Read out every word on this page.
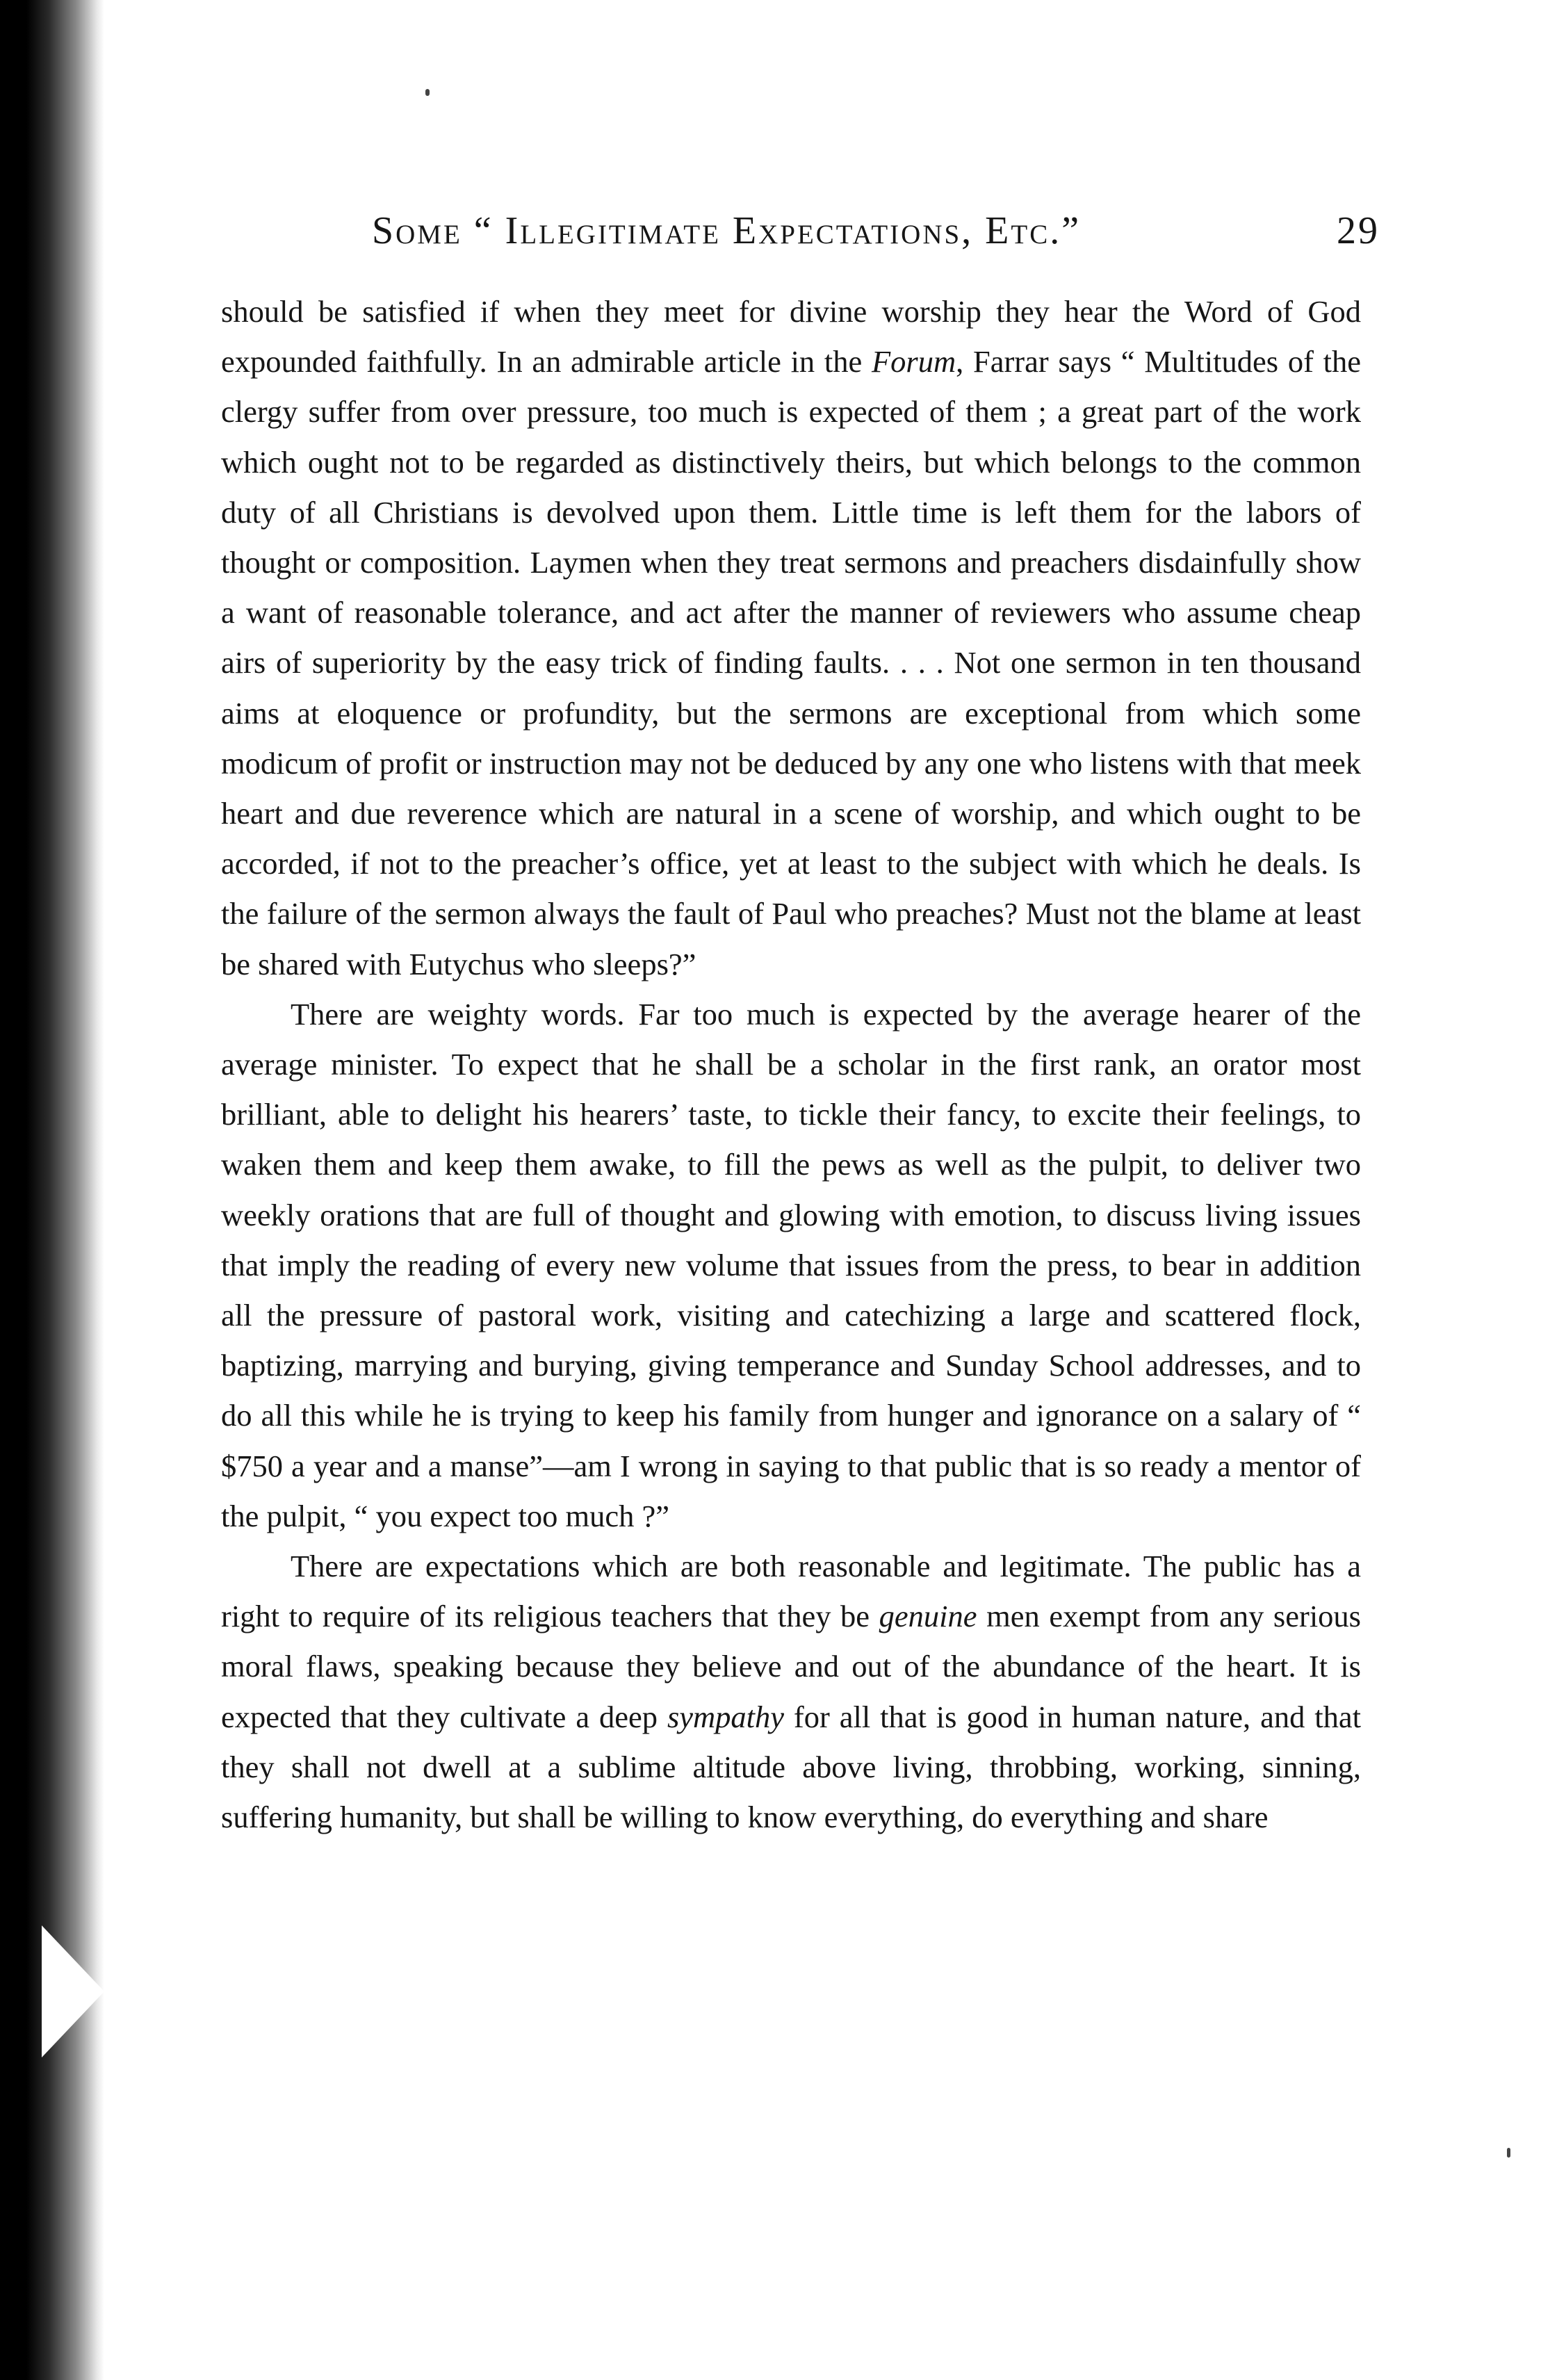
Some “ Illegitimate Expectations, Etc.”	29

should be satisfied if when they meet for divine worship they hear the Word of God expounded faithfully. In an admirable article in the Forum, Farrar says “ Multitudes of the clergy suffer from over pressure, too much is expected of them ; a great part of the work which ought not to be regarded as distinctively theirs, but which belongs to the common duty of all Christians is devolved upon them. Little time is left them for the labors of thought or composition. Laymen when they treat sermons and preachers disdainfully show a want of reasonable tolerance, and act after the manner of reviewers who assume cheap airs of superiority by the easy trick of finding faults. . . . Not one sermon in ten thousand aims at eloquence or profundity, but the sermons are exceptional from which some modicum of profit or instruction may not be deduced by any one who listens with that meek heart and due reverence which are natural in a scene of worship, and which ought to be accorded, if not to the preacher’s office, yet at least to the subject with which he deals. Is the failure of the sermon always the fault of Paul who preaches? Must not the blame at least be shared with Eutychus who sleeps?”

There are weighty words. Far too much is expected by the average hearer of the average minister. To expect that he shall be a scholar in the first rank, an orator most brilliant, able to delight his hearers’ taste, to tickle their fancy, to excite their feelings, to waken them and keep them awake, to fill the pews as well as the pulpit, to deliver two weekly orations that are full of thought and glowing with emotion, to discuss living issues that imply the reading of every new volume that issues from the press, to bear in addition all the pressure of pastoral work, visiting and catechizing a large and scattered flock, baptizing, marrying and burying, giving temperance and Sunday School addresses, and to do all this while he is trying to keep his family from hunger and ignorance on a salary of “ $750 a year and a manse”—am I wrong in saying to that public that is so ready a mentor of the pulpit, “ you expect too much ?”

There are expectations which are both reasonable and legitimate. The public has a right to require of its religious teachers that they be genuine men exempt from any serious moral flaws, speaking because they believe and out of the abundance of the heart. It is expected that they cultivate a deep sympathy for all that is good in human nature, and that they shall not dwell at a sublime altitude above living, throbbing, working, sinning, suffering humanity, but shall be willing to know everything, do everything and share
